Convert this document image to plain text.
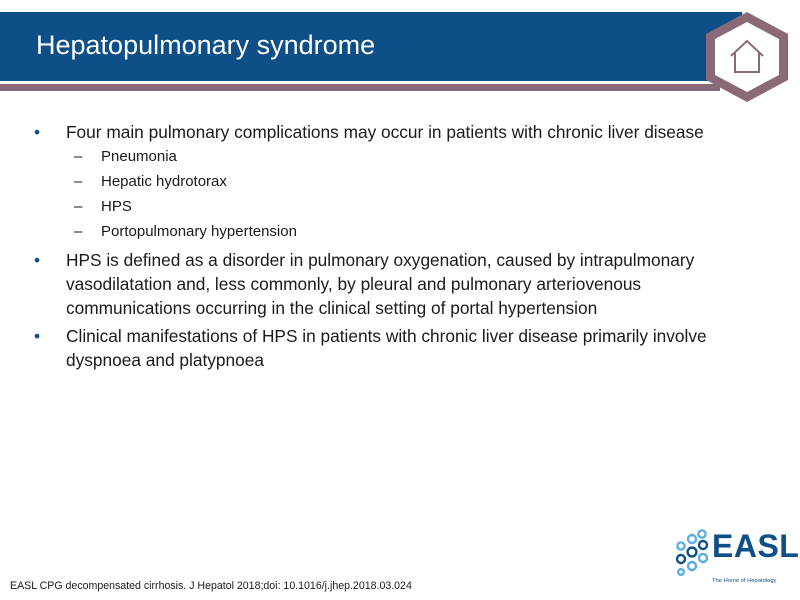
Hepatopulmonary syndrome
• Four main pulmonary complications may occur in patients with chronic liver disease
– Pneumonia
– Hepatic hydrotorax
– HPS
– Portopulmonary hypertension
• HPS is defined as a disorder in pulmonary oxygenation, caused by intrapulmonary vasodilatation and, less commonly, by pleural and pulmonary arteriovenous communications occurring in the clinical setting of portal hypertension
• Clinical manifestations of HPS in patients with chronic liver disease primarily involve dyspnoea and platypnoea
EASL CPG decompensated cirrhosis. J Hepatol 2018;doi: 10.1016/j.jhep.2018.03.024
EASL
The Home of Hepatology
